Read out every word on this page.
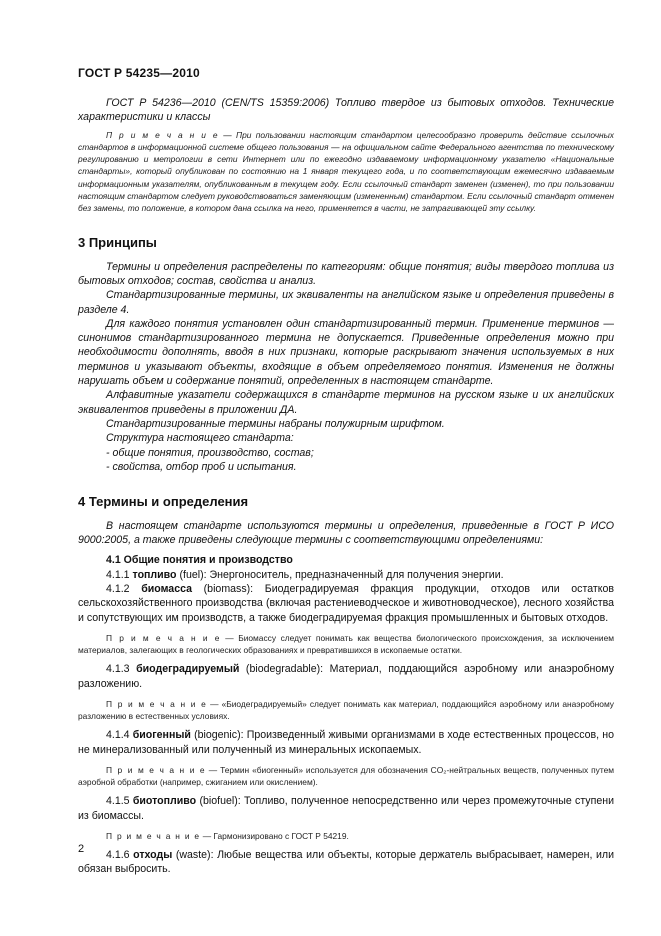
ГОСТ Р 54235—2010

ГОСТ Р 54236—2010 (CEN/TS 15359:2006) Топливо твердое из бытовых отходов. Технические характеристики и классы

П р и м е ч а н и е — При пользовании настоящим стандартом целесообразно проверить действие ссылочных стандартов в информационной системе общего пользования — на официальном сайте Федерального агентства по техническому регулированию и метрологии в сети Интернет или по ежегодно издаваемому информационному указателю «Национальные стандарты», который опубликован по состоянию на 1 января текущего года, и по соответствующим ежемесячно издаваемым информационным указателям, опубликованным в текущем году. Если ссылочный стандарт заменен (изменен), то при пользовании настоящим стандартом следует руководствоваться заменяющим (измененным) стандартом. Если ссылочный стандарт отменен без замены, то положение, в котором дана ссылка на него, применяется в части, не затрагивающей эту ссылку.

3 Принципы

Термины и определения распределены по категориям: общие понятия; виды твердого топлива из бытовых отходов; состав, свойства и анализ.

Стандартизированные термины, их эквиваленты на английском языке и определения приведены в разделе 4.

Для каждого понятия установлен один стандартизированный термин. Применение терминов — синонимов стандартизированного термина не допускается. Приведенные определения можно при необходимости дополнять, вводя в них признаки, которые раскрывают значения используемых в них терминов и указывают объекты, входящие в объем определяемого понятия. Изменения не должны нарушать объем и содержание понятий, определенных в настоящем стандарте.

Алфавитные указатели содержащихся в стандарте терминов на русском языке и их английских эквивалентов приведены в приложении ДА.

Стандартизированные термины набраны полужирным шрифтом.

Структура настоящего стандарта:

- общие понятия, производство, состав;
- свойства, отбор проб и испытания.
4 Термины и определения

В настоящем стандарте используются термины и определения, приведенные в ГОСТ Р ИСО 9000:2005, а также приведены следующие термины с соответствующими определениями:

4.1 Общие понятия и производство

4.1.1 топливо (fuel): Энергоноситель, предназначенный для получения энергии.

4.1.2 биомасса (biomass): Биодеградируемая фракция продукции, отходов или остатков сельскохозяйственного производства (включая растениеводческое и животноводческое), лесного хозяйства и сопутствующих им производств, а также биодеградируемая фракция промышленных и бытовых отходов.

П р и м е ч а н и е — Биомассу следует понимать как вещества биологического происхождения, за исключением материалов, залегающих в геологических образованиях и превратившихся в ископаемые остатки.

4.1.3 биодеградируемый (biodegradable): Материал, поддающийся аэробному или анаэробному разложению.

П р и м е ч а н и е — «Биодеградируемый» следует понимать как материал, поддающийся аэробному или анаэробному разложению в естественных условиях.

4.1.4 биогенный (biogenic): Произведенный живыми организмами в ходе естественных процессов, но не минерализованный или полученный из минеральных ископаемых.

П р и м е ч а н и е — Термин «биогенный» используется для обозначения CO₂-нейтральных веществ, полученных путем аэробной обработки (например, сжиганием или окислением).

4.1.5 биотопливо (biofuel): Топливо, полученное непосредственно или через промежуточные ступени из биомассы.

П р и м е ч а н и е — Гармонизировано с ГОСТ Р 54219.

4.1.6 отходы (waste): Любые вещества или объекты, которые держатель выбрасывает, намерен, или обязан выбросить.

2
